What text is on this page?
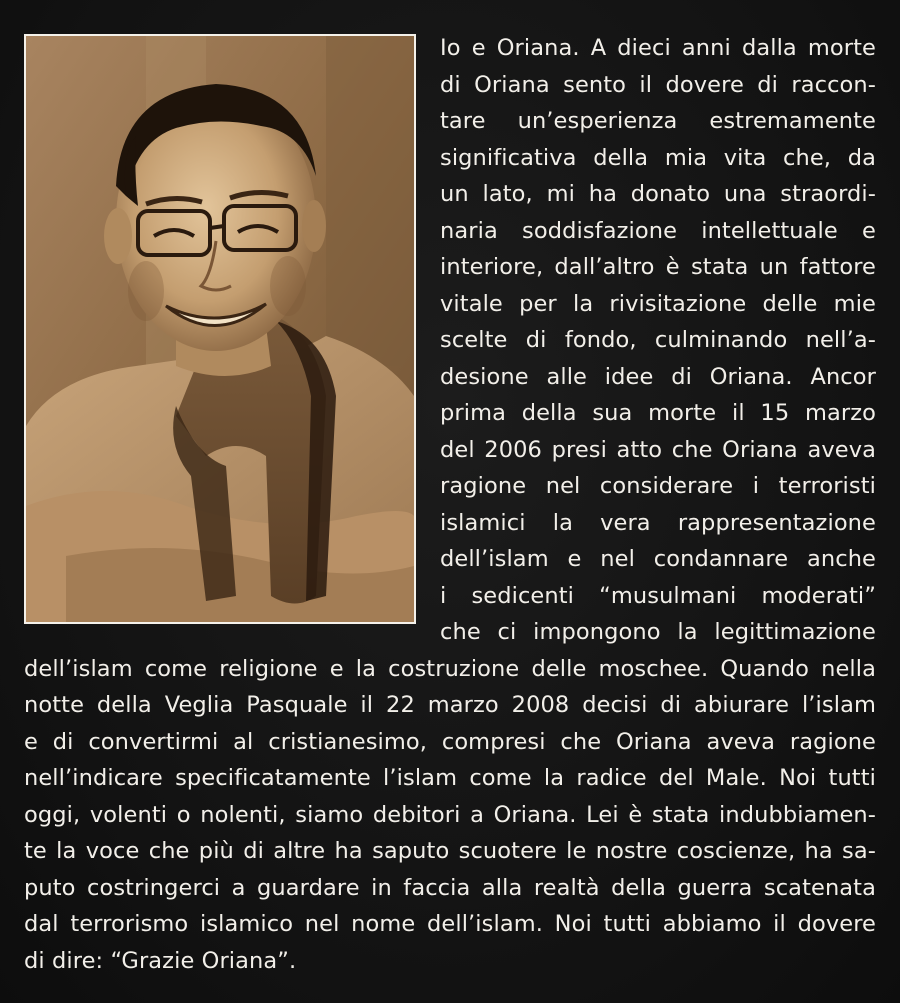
Io e Oriana. A dieci anni dalla morte

di Oriana sento il dovere di raccon-

tare un’esperienza estremamente

significativa della mia vita che, da

un lato, mi ha donato una straordi-

naria soddisfazione intellettuale e

interiore, dall’altro è stata un fattore

vitale per la rivisitazione delle mie

scelte di fondo, culminando nell’a-

desione alle idee di Oriana. Ancor

prima della sua morte il 15 marzo

del 2006 presi atto che Oriana aveva

ragione nel considerare i terroristi

islamici la vera rappresentazione

dell’islam e nel condannare anche

i sedicenti “musulmani moderati”

che ci impongono la legittimazione

dell’islam come religione e la costruzione delle moschee. Quando nella

notte della Veglia Pasquale il 22 marzo 2008 decisi di abiurare l’islam

e di convertirmi al cristianesimo, compresi che Oriana aveva ragione

nell’indicare specificatamente l’islam come la radice del Male. Noi tutti

oggi, volenti o nolenti, siamo debitori a Oriana. Lei è stata indubbiamen-

te la voce che più di altre ha saputo scuotere le nostre coscienze, ha sa-

puto costringerci a guardare in faccia alla realtà della guerra scatenata

dal terrorismo islamico nel nome dell’islam. Noi tutti abbiamo il dovere

di dire: “Grazie Oriana”.
